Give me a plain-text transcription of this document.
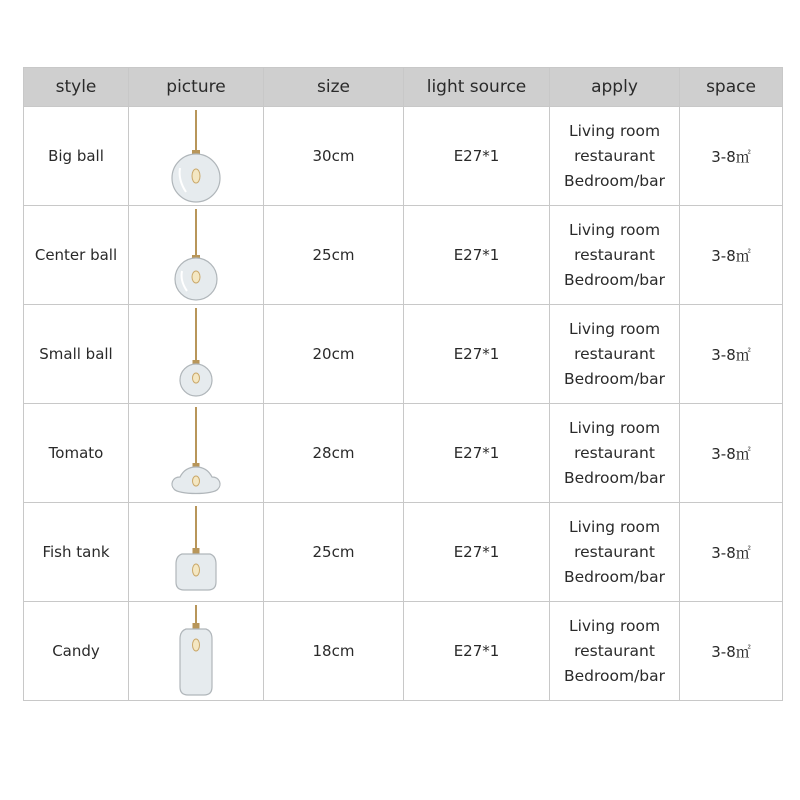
style	picture	size	light source	apply	space
Big ball		30cm	E27*1	Living room
restaurant
Bedroom/bar	3-8㎡
Center ball		25cm	E27*1	Living room
restaurant
Bedroom/bar	3-8㎡
Small ball		20cm	E27*1	Living room
restaurant
Bedroom/bar	3-8㎡
Tomato		28cm	E27*1	Living room
restaurant
Bedroom/bar	3-8㎡
Fish tank		25cm	E27*1	Living room
restaurant
Bedroom/bar	3-8㎡
Candy		18cm	E27*1	Living room
restaurant
Bedroom/bar	3-8㎡
